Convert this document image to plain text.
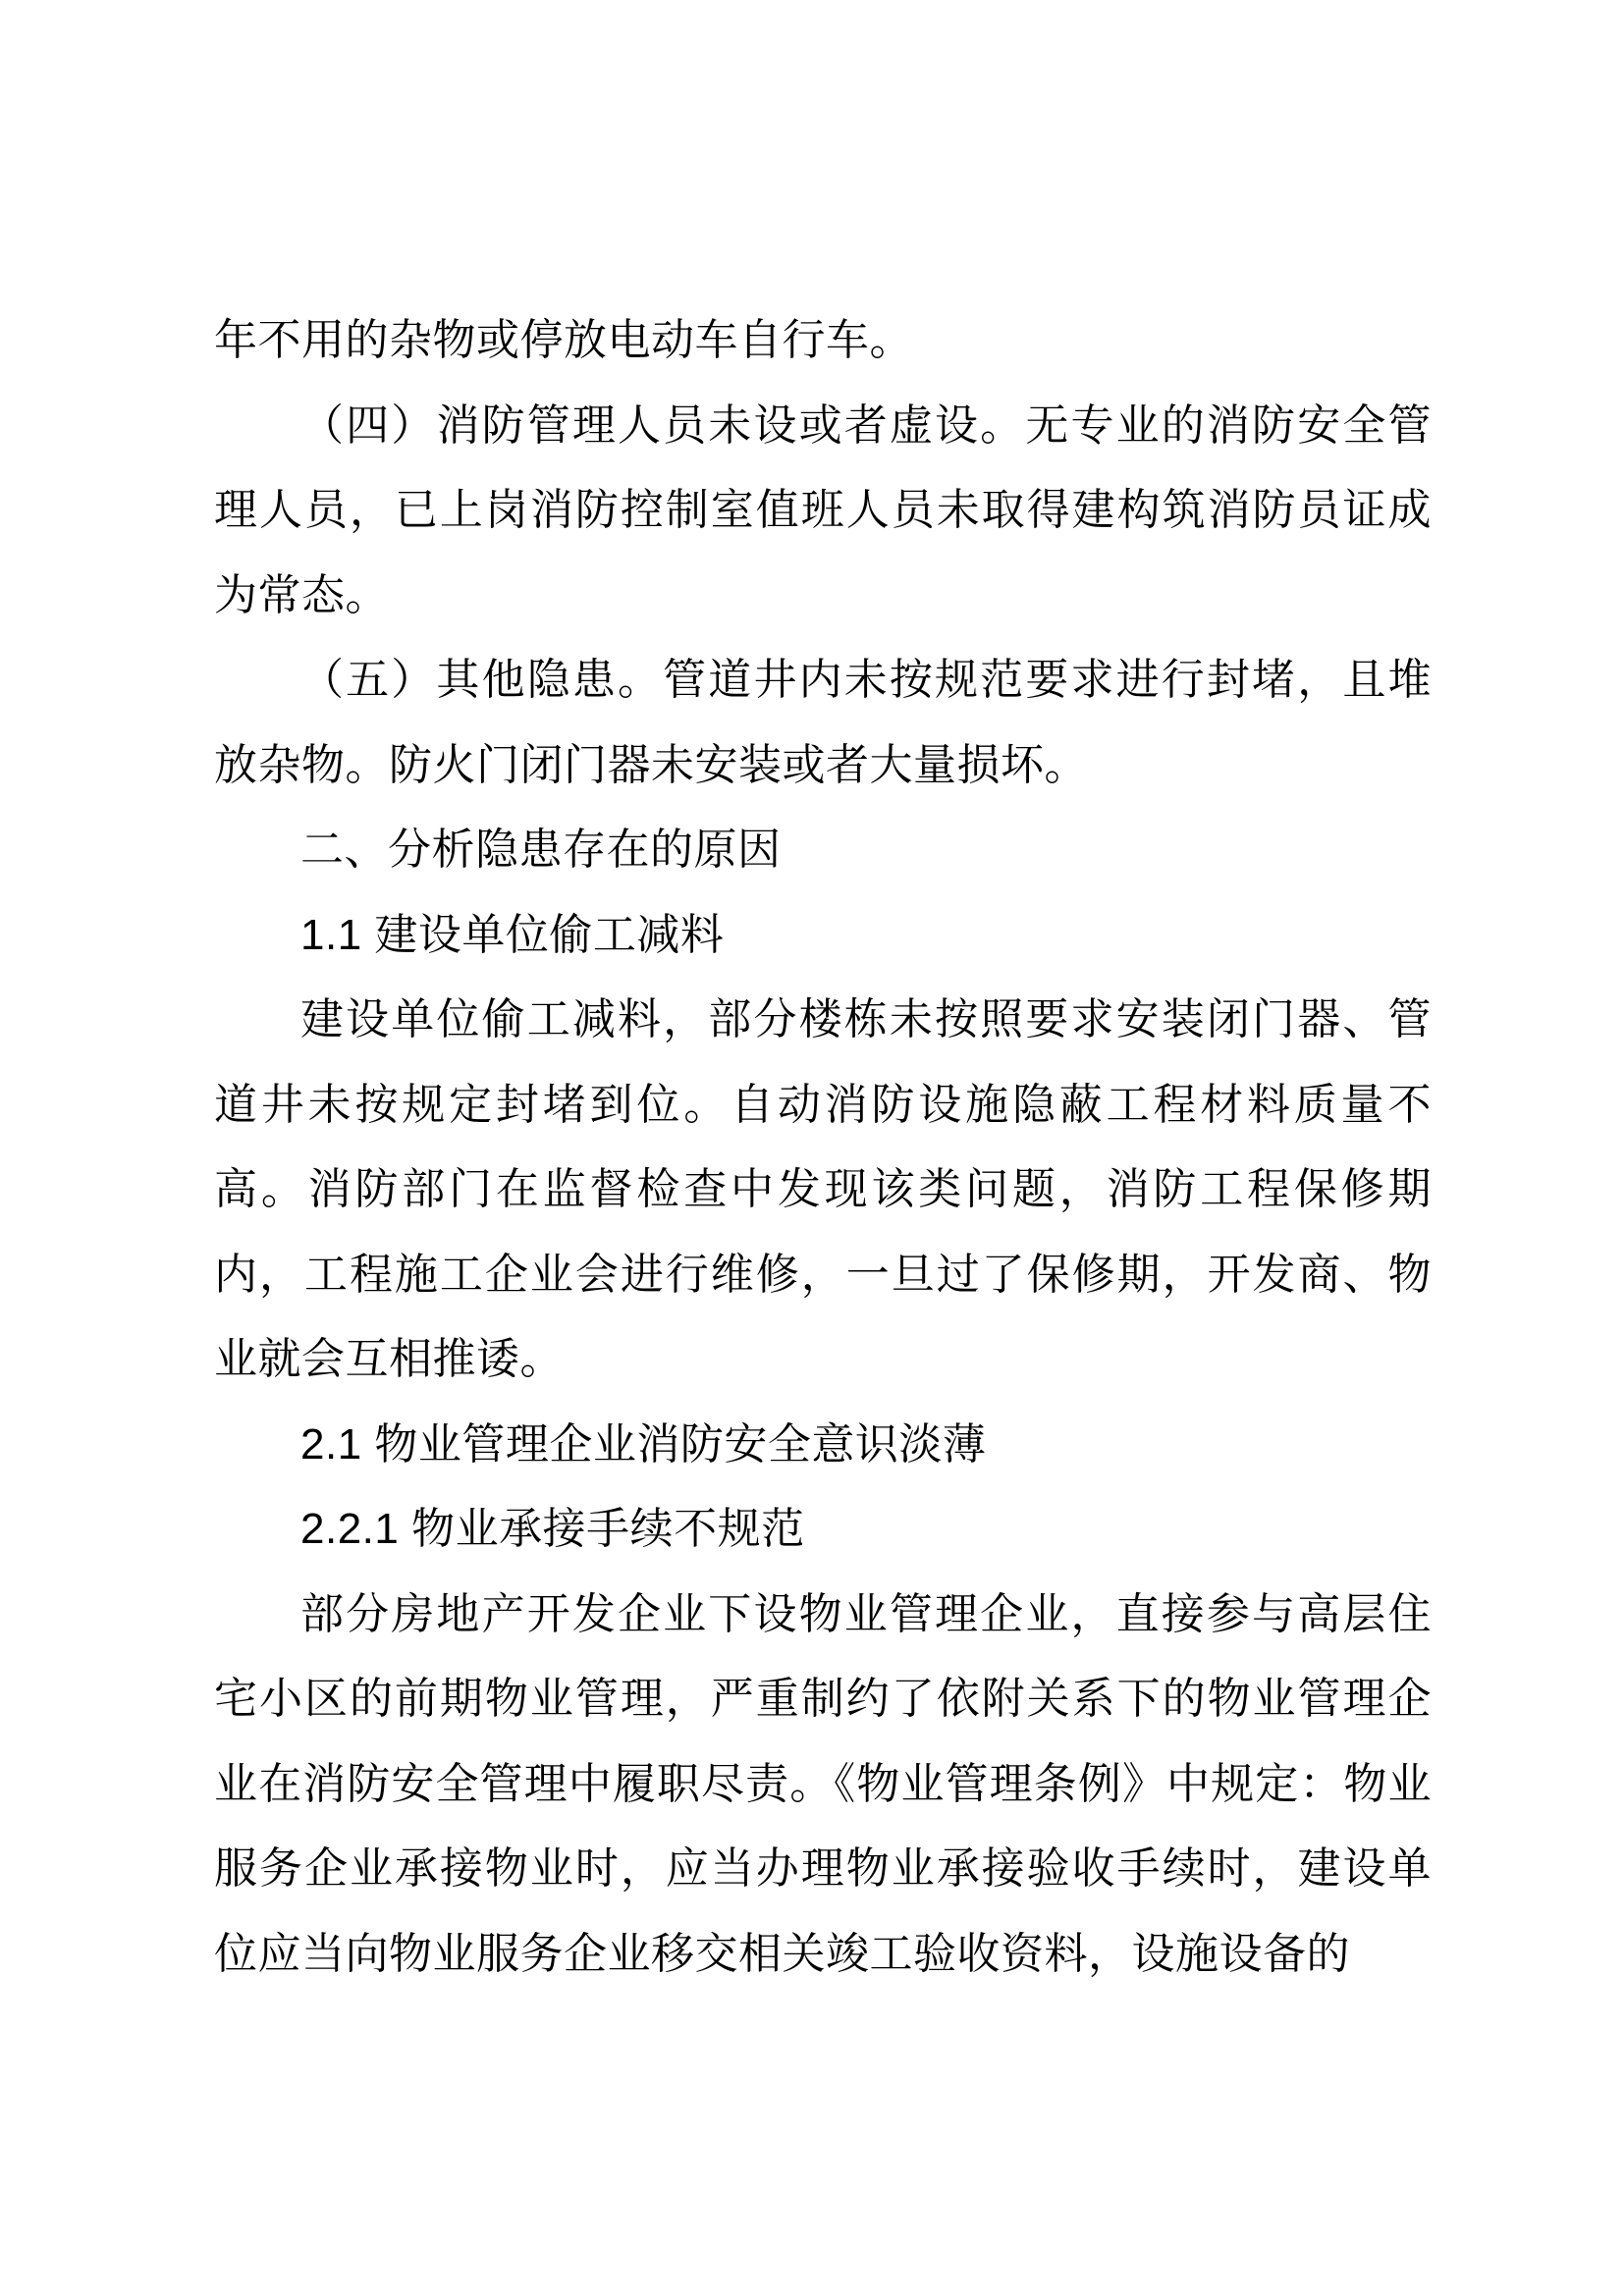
年不用的杂物或停放电动车自行车。

（四）消防管理人员未设或者虚设。无专业的消防安全管理人员，已上岗消防控制室值班人员未取得建构筑消防员证成为常态。

（五）其他隐患。管道井内未按规范要求进行封堵，且堆放杂物。防火门闭门器未安装或者大量损坏。

二、分析隐患存在的原因

1.1 建设单位偷工减料

建设单位偷工减料，部分楼栋未按照要求安装闭门器、管道井未按规定封堵到位。自动消防设施隐蔽工程材料质量不高。消防部门在监督检查中发现该类问题，消防工程保修期内，工程施工企业会进行维修，一旦过了保修期，开发商、物业就会互相推诿。

2.1 物业管理企业消防安全意识淡薄

2.2.1 物业承接手续不规范

部分房地产开发企业下设物业管理企业，直接参与高层住宅小区的前期物业管理，严重制约了依附关系下的物业管理企业在消防安全管理中履职尽责。《物业管理条例》中规定：物业服务企业承接物业时，应当办理物业承接验收手续时，建设单位应当向物业服务企业移交相关竣工验收资料，设施设备的
